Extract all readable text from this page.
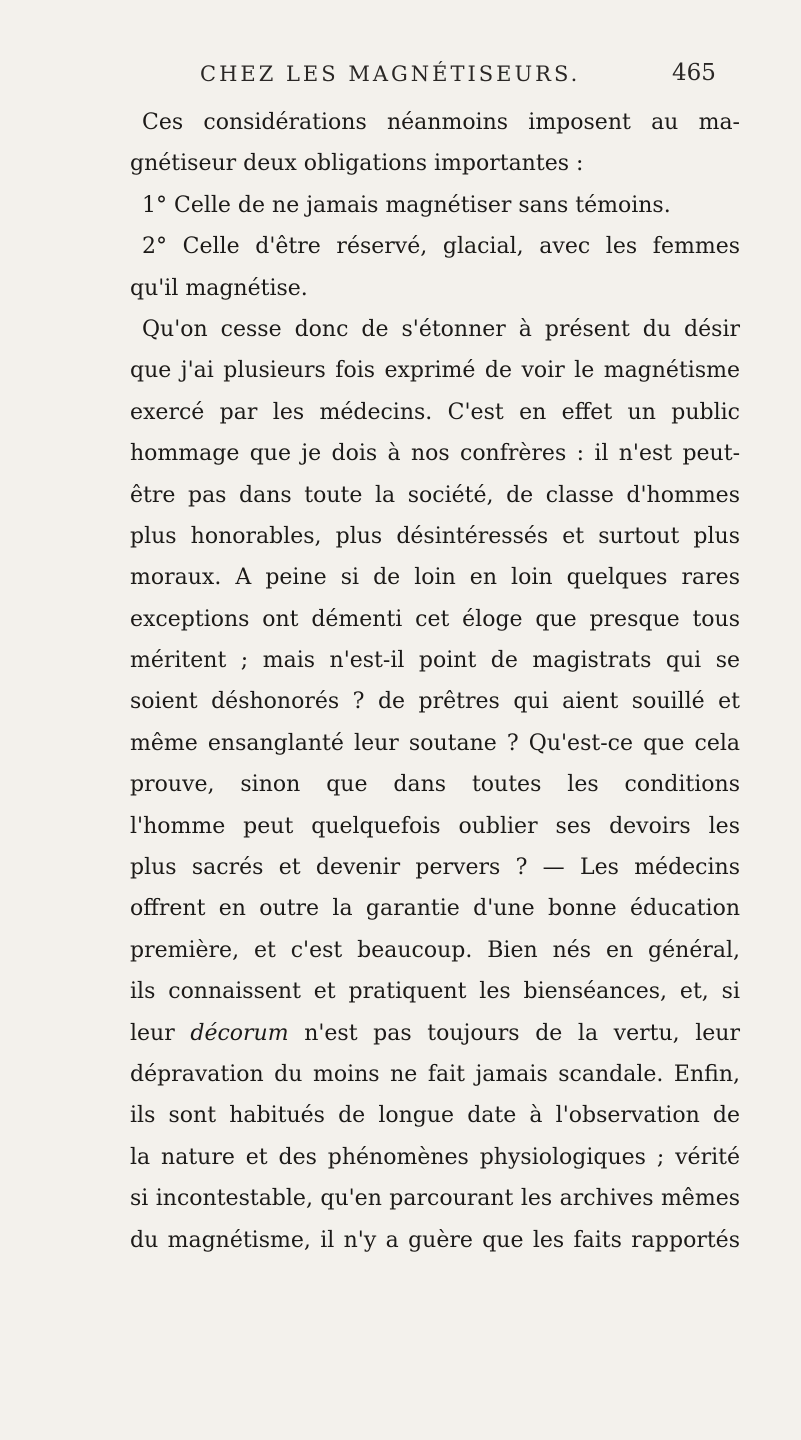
CHEZ LES MAGNÉTISEURS.	465
Ces considérations néanmoins imposent au ma-
gnétiseur deux obligations importantes :
1° Celle de ne jamais magnétiser sans témoins.
2° Celle d'être réservé, glacial, avec les femmes
qu'il magnétise.
Qu'on cesse donc de s'étonner à présent du désir
que j'ai plusieurs fois exprimé de voir le magnétisme
exercé par les médecins. C'est en effet un public
hommage que je dois à nos confrères : il n'est peut-
être pas dans toute la société, de classe d'hommes
plus honorables, plus désintéressés et surtout plus
moraux. A peine si de loin en loin quelques rares
exceptions ont démenti cet éloge que presque tous
méritent ; mais n'est-il point de magistrats qui se
soient déshonorés ? de prêtres qui aient souillé et
même ensanglanté leur soutane ? Qu'est-ce que cela
prouve, sinon que dans toutes les conditions
l'homme peut quelquefois oublier ses devoirs les
plus sacrés et devenir pervers ? — Les médecins
offrent en outre la garantie d'une bonne éducation
première, et c'est beaucoup. Bien nés en général,
ils connaissent et pratiquent les bienséances, et, si
leur décorum n'est pas toujours de la vertu, leur
dépravation du moins ne fait jamais scandale. Enfin,
ils sont habitués de longue date à l'observation de
la nature et des phénomènes physiologiques ; vérité
si incontestable, qu'en parcourant les archives mêmes
du magnétisme, il n'y a guère que les faits rapportés
